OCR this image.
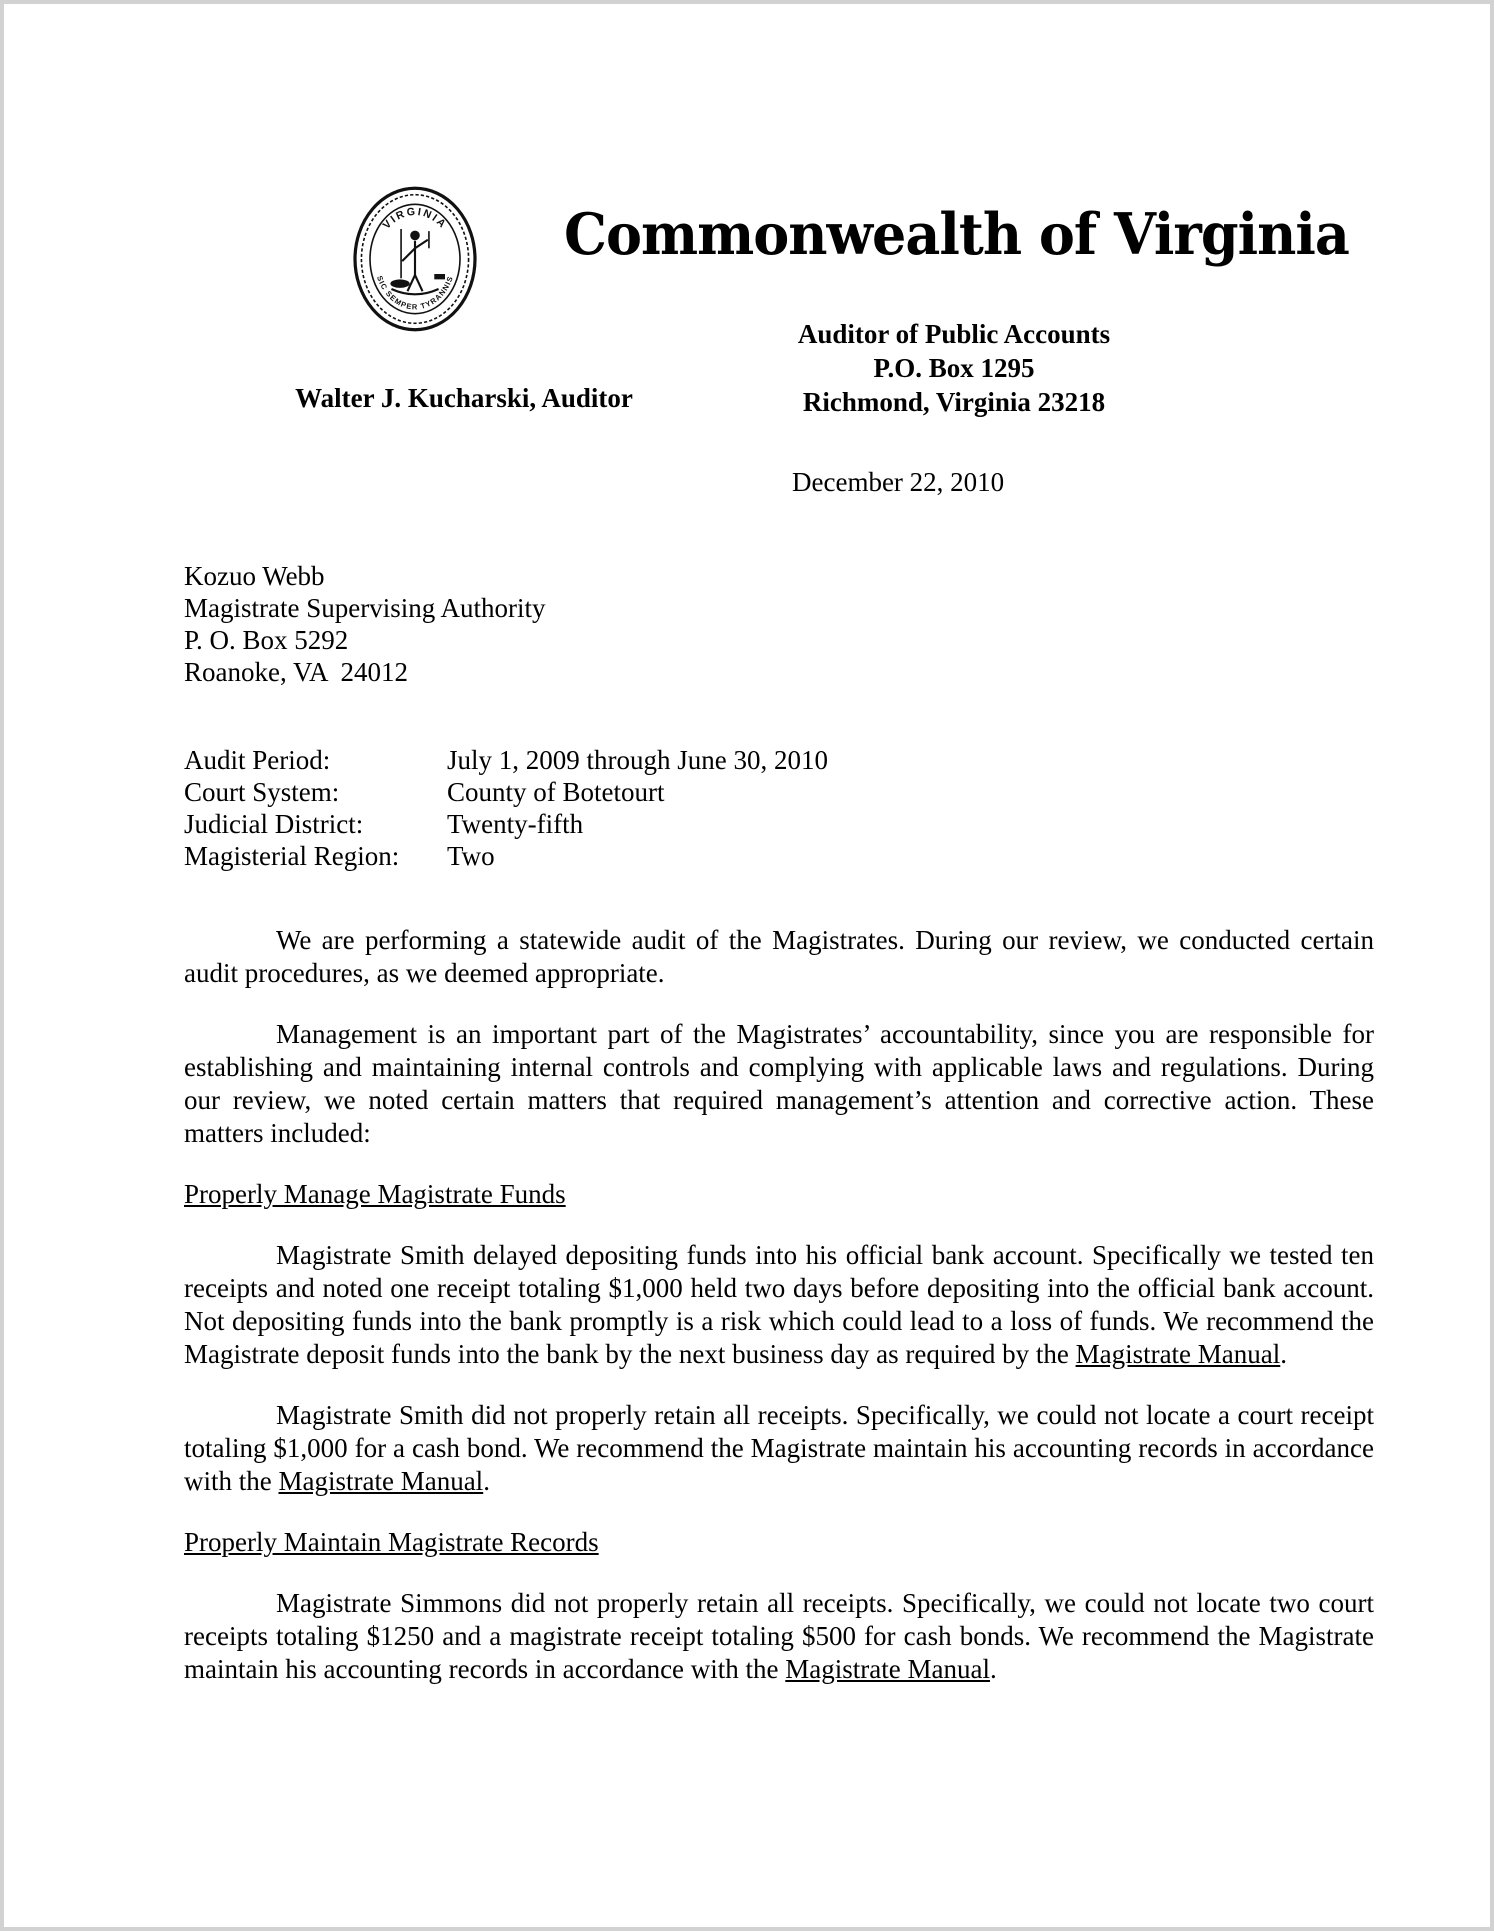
VIRGINIA
SIC SEMPER TYRANNIS
Commonwealth of Virginia
Auditor of Public Accounts
P.O. Box 1295
Richmond, Virginia 23218
Walter J. Kucharski, Auditor
December 22, 2010
Kozuo Webb
Magistrate Supervising Authority
P. O. Box 5292
Roanoke, VA  24012
Audit Period:	July 1, 2009 through June 30, 2010
Court System:	County of Botetourt
Judicial District:	Twenty-fifth
Magisterial Region:	Two

We are performing a statewide audit of the Magistrates. During our review, we conducted certain audit procedures, as we deemed appropriate.

Management is an important part of the Magistrates’ accountability, since you are responsible for establishing and maintaining internal controls and complying with applicable laws and regulations. During our review, we noted certain matters that required management’s attention and corrective action. These matters included:

Properly Manage Magistrate Funds

Magistrate Smith delayed depositing funds into his official bank account. Specifically we tested ten receipts and noted one receipt totaling $1,000 held two days before depositing into the official bank account. Not depositing funds into the bank promptly is a risk which could lead to a loss of funds. We recommend the Magistrate deposit funds into the bank by the next business day as required by the Magistrate Manual.

Magistrate Smith did not properly retain all receipts. Specifically, we could not locate a court receipt totaling $1,000 for a cash bond. We recommend the Magistrate maintain his accounting records in accordance with the Magistrate Manual.

Properly Maintain Magistrate Records

Magistrate Simmons did not properly retain all receipts. Specifically, we could not locate two court receipts totaling $1250 and a magistrate receipt totaling $500 for cash bonds. We recommend the Magistrate maintain his accounting records in accordance with the Magistrate Manual.
